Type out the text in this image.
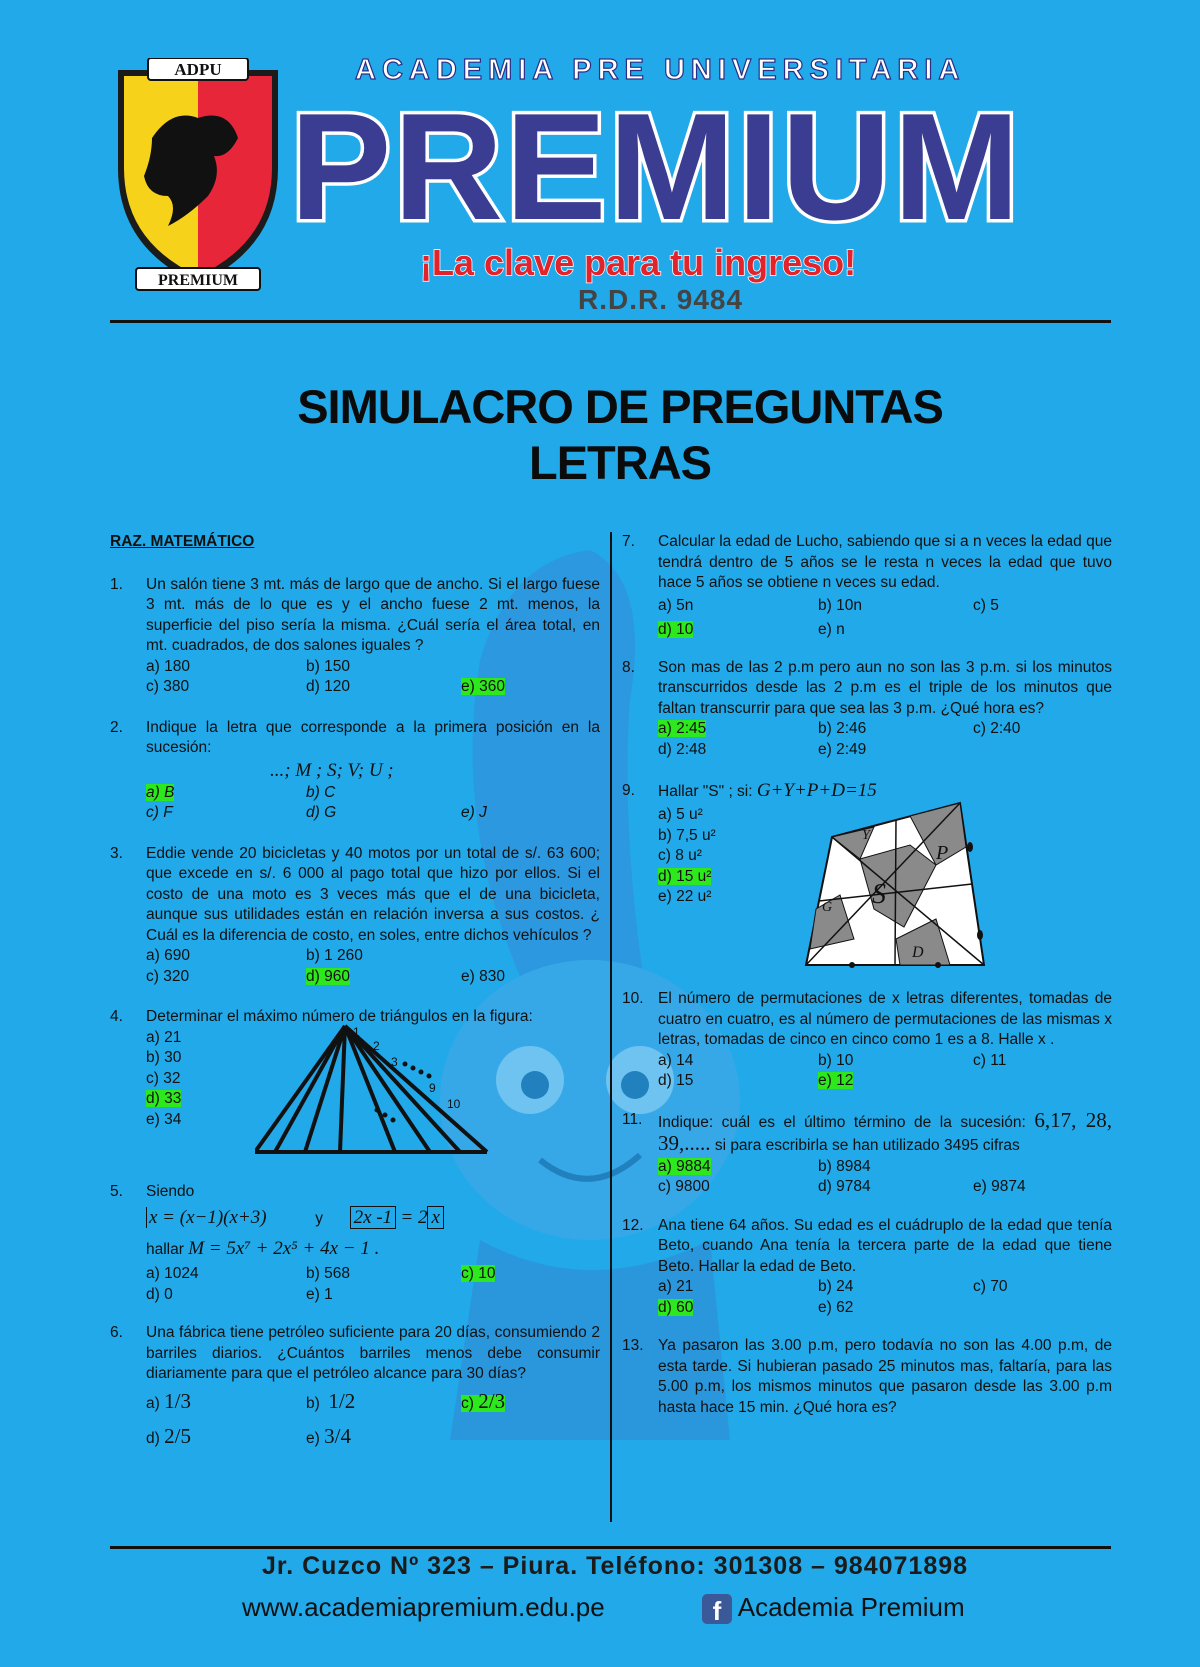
ADPU
PREMIUM
ACADEMIA PRE UNIVERSITARIA
PREMIUM
¡La clave para tu ingreso!
R.D.R. 9484
SIMULACRO DE PREGUNTAS
LETRAS
RAZ. MATEMÁTICO
1. Un salón tiene 3 mt. más de largo que de ancho. Si el largo fuese 3 mt. más de lo que es y el ancho fuese 2 mt. menos, la superficie del piso sería la misma. ¿Cuál sería el área total, en mt. cuadrados, de dos salones iguales ?
a) 180	b) 150
c) 380	d) 120	e) 360
2. Indique la letra que corresponde a la primera posición en la sucesión:
...; M ; S; V; U ;
a) B	b) C
c) F	d) G	e) J
3. Eddie vende 20 bicicletas y 40 motos por un total de s/. 63 600; que excede en s/. 6 000 al pago total que hizo por ellos. Si el costo de una moto es 3 veces más que el de una bicicleta, aunque sus utilidades están en relación inversa a sus costos. ¿ Cuál es la diferencia de costo, en soles, entre dichos vehículos ?
a) 690	b) 1 260
c) 320	d) 960	e) 830
4. Determinar el máximo número de triángulos en la figura:
a) 21
b) 30
c) 32
d) 33
e) 34
1
2
3
9
10
5. Siendo
x = (x−1)(x+3)	y 2x -1 = 2 x
hallar M = 5x⁷ + 2x⁵ + 4x − 1 .
a) 1024	b) 568	c) 10
d) 0	e) 1
6. Una fábrica tiene petróleo suficiente para 20 días, consumiendo 2 barriles diarios. ¿Cuántos barriles menos debe consumir diariamente para que el petróleo alcance para 30 días?
a) 1/3	b) 1/2	c) 2/3
d) 2/5	e) 3/4
7. Calcular la edad de Lucho, sabiendo que si a n veces la edad que tendrá dentro de 5 años se le resta n veces la edad que tuvo hace 5 años se obtiene n veces su edad.
a) 5n	b) 10n	c) 5
d) 10	e) n
8. Son mas de las 2 p.m pero aun no son las 3 p.m. si los minutos transcurridos desde las 2 p.m es el triple de los minutos que faltan transcurrir para que sea las 3 p.m. ¿Qué hora es?
a) 2:45	b) 2:46	c) 2:40
d) 2:48	e) 2:49
9. Hallar "S" ; si: G+Y+P+D=15
a) 5 u²
b) 7,5 u²
c) 8 u²
d) 15 u²
e) 22 u²	S
P
Y
G
D
10. El número de permutaciones de x letras diferentes, tomadas de cuatro en cuatro, es al número de permutaciones de las mismas x letras, tomadas de cinco en cinco como 1 es a 8. Halle x .
a) 14	b) 10	c) 11
d) 15	e) 12
11. Indique: cuál es el último término de la sucesión: 6,17, 28, 39,..... si para escribirla se han utilizado 3495 cifras
a) 9884	b) 8984
c) 9800	d) 9784	e) 9874
12. Ana tiene 64 años. Su edad es el cuádruplo de la edad que tenía Beto, cuando Ana tenía la tercera parte de la edad que tiene Beto. Hallar la edad de Beto.
a) 21	b) 24	c) 70
d) 60	e) 62
13. Ya pasaron las 3.00 p.m, pero todavía no son las 4.00 p.m, de esta tarde. Si hubieran pasado 25 minutos mas, faltaría, para las 5.00 p.m, los mismos minutos que pasaron desde las 3.00 p.m hasta hace 15 min. ¿Qué hora es?
Jr. Cuzco Nº 323 – Piura. Teléfono: 301308 – 984071898
www.academiapremium.edu.pe	f Academia Premium
